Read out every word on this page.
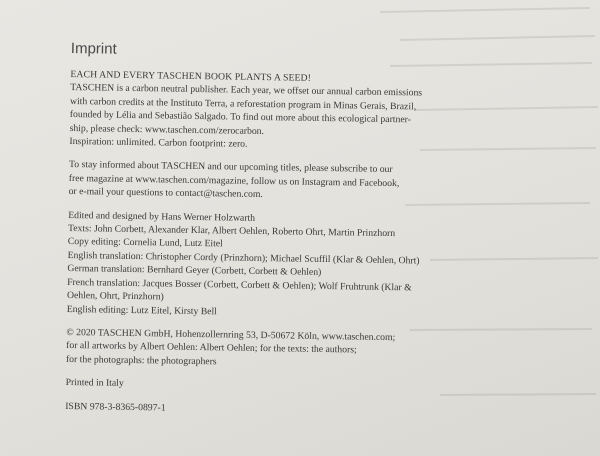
Imprint
EACH AND EVERY TASCHEN BOOK PLANTS A SEED!
TASCHEN is a carbon neutral publisher. Each year, we offset our annual carbon emissions
with carbon credits at the Instituto Terra, a reforestation program in Minas Gerais, Brazil,
founded by Lélia and Sebastião Salgado. To find out more about this ecological partner-
ship, please check: www.taschen.com/zerocarbon.
Inspiration: unlimited. Carbon footprint: zero.
To stay informed about TASCHEN and our upcoming titles, please subscribe to our
free magazine at www.taschen.com/magazine, follow us on Instagram and Facebook,
or e-mail your questions to contact@taschen.com.
Edited and designed by Hans Werner Holzwarth
Texts: John Corbett, Alexander Klar, Albert Oehlen, Roberto Ohrt, Martin Prinzhorn
Copy editing: Cornelia Lund, Lutz Eitel
English translation: Christopher Cordy (Prinzhorn); Michael Scuffil (Klar & Oehlen, Ohrt)
German translation: Bernhard Geyer (Corbett, Corbett & Oehlen)
French translation: Jacques Bosser (Corbett, Corbett & Oehlen); Wolf Fruhtrunk (Klar &
Oehlen, Ohrt, Prinzhorn)
English editing: Lutz Eitel, Kirsty Bell
© 2020 TASCHEN GmbH, Hohenzollernring 53, D-50672 Köln, www.taschen.com;
for all artworks by Albert Oehlen: Albert Oehlen; for the texts: the authors;
for the photographs: the photographers
Printed in Italy
ISBN 978-3-8365-0897-1
